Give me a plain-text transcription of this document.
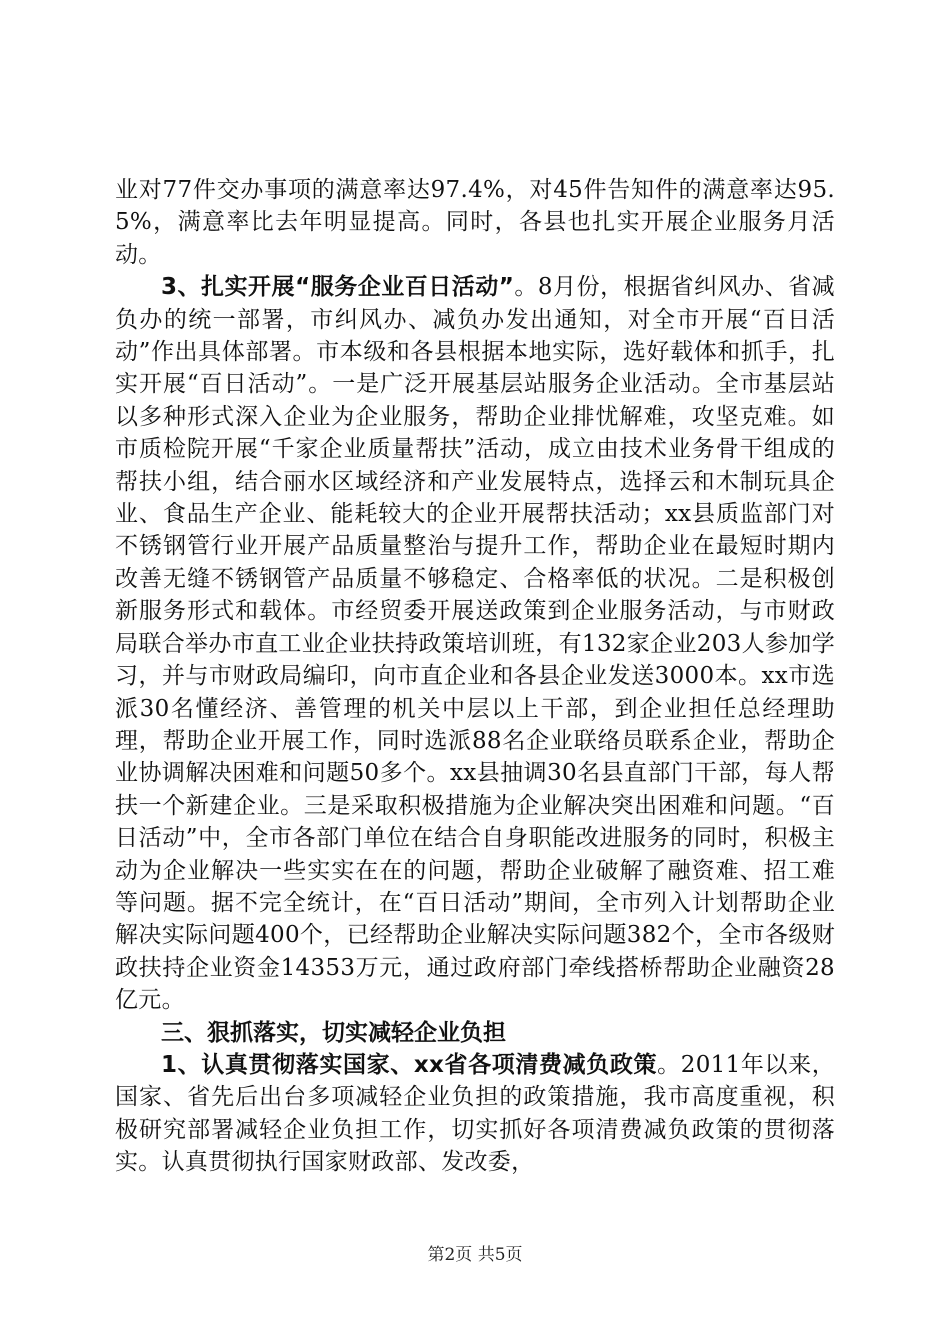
业对77件交办事项的满意率达97.4%，对45件告知件的满意率达95.5%，满意率比去年明显提高。同时，各县也扎实开展企业服务月活动。

3、扎实开展“服务企业百日活动”。8月份，根据省纠风办、省减负办的统一部署，市纠风办、减负办发出通知，对全市开展“百日活动”作出具体部署。市本级和各县根据本地实际，选好载体和抓手，扎实开展“百日活动”。一是广泛开展基层站服务企业活动。全市基层站以多种形式深入企业为企业服务，帮助企业排忧解难，攻坚克难。如市质检院开展“千家企业质量帮扶”活动，成立由技术业务骨干组成的帮扶小组，结合丽水区域经济和产业发展特点，选择云和木制玩具企业、食品生产企业、能耗较大的企业开展帮扶活动；xx县质监部门对不锈钢管行业开展产品质量整治与提升工作，帮助企业在最短时期内改善无缝不锈钢管产品质量不够稳定、合格率低的状况。二是积极创新服务形式和载体。市经贸委开展送政策到企业服务活动，与市财政局联合举办市直工业企业扶持政策培训班，有132家企业203人参加学习，并与市财政局编印，向市直企业和各县企业发送3000本。xx市选派30名懂经济、善管理的机关中层以上干部，到企业担任总经理助理，帮助企业开展工作，同时选派88名企业联络员联系企业，帮助企业协调解决困难和问题50多个。xx县抽调30名县直部门干部，每人帮扶一个新建企业。三是采取积极措施为企业解决突出困难和问题。“百日活动”中，全市各部门单位在结合自身职能改进服务的同时，积极主动为企业解决一些实实在在的问题，帮助企业破解了融资难、招工难等问题。据不完全统计，在“百日活动”期间，全市列入计划帮助企业解决实际问题400个，已经帮助企业解决实际问题382个，全市各级财政扶持企业资金14353万元，通过政府部门牵线搭桥帮助企业融资28亿元。

三、狠抓落实，切实减轻企业负担

1、认真贯彻落实国家、xx省各项清费减负政策。2011年以来，国家、省先后出台多项减轻企业负担的政策措施，我市高度重视，积极研究部署减轻企业负担工作，切实抓好各项清费减负政策的贯彻落实。认真贯彻执行国家财政部、发改委，

第2页 共5页
